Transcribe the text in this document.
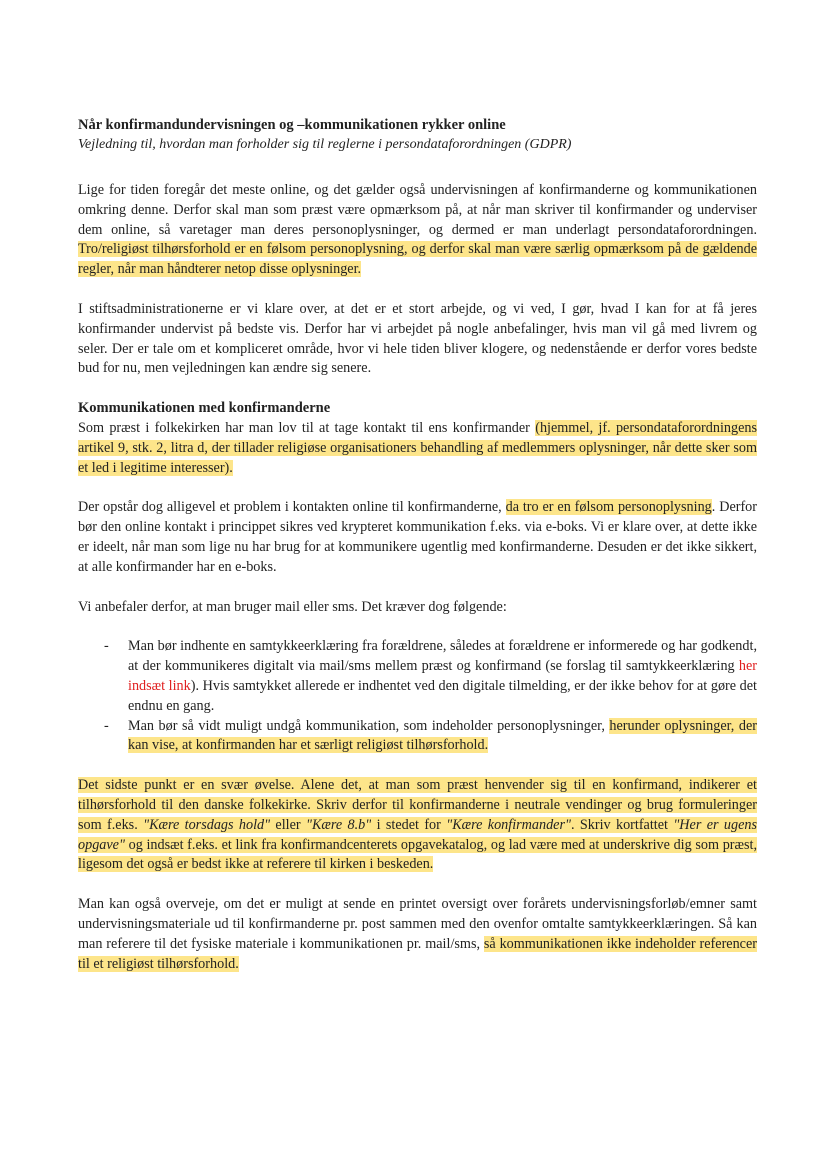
Når konfirmandundervisningen og –kommunikationen rykker online

Vejledning til, hvordan man forholder sig til reglerne i persondataforordningen (GDPR)

Lige for tiden foregår det meste online, og det gælder også undervisningen af konfirmanderne og kommunikationen omkring denne. Derfor skal man som præst være opmærksom på, at når man skriver til konfirmander og underviser dem online, så varetager man deres personoplysninger, og dermed er man underlagt persondataforordningen. Tro/religiøst tilhørsforhold er en følsom personoplysning, og derfor skal man være særlig opmærksom på de gældende regler, når man håndterer netop disse oplysninger.

I stiftsadministrationerne er vi klare over, at det er et stort arbejde, og vi ved, I gør, hvad I kan for at få jeres konfirmander undervist på bedste vis. Derfor har vi arbejdet på nogle anbefalinger, hvis man vil gå med livrem og seler. Der er tale om et kompliceret område, hvor vi hele tiden bliver klogere, og nedenstående er derfor vores bedste bud for nu, men vejledningen kan ændre sig senere.

Kommunikationen med konfirmanderne

Som præst i folkekirken har man lov til at tage kontakt til ens konfirmander (hjemmel, jf. persondataforordningens artikel 9, stk. 2, litra d, der tillader religiøse organisationers behandling af medlemmers oplysninger, når dette sker som et led i legitime interesser).

Der opstår dog alligevel et problem i kontakten online til konfirmanderne, da tro er en følsom personoplysning. Derfor bør den online kontakt i princippet sikres ved krypteret kommunikation f.eks. via e-boks. Vi er klare over, at dette ikke er ideelt, når man som lige nu har brug for at kommunikere ugentlig med konfirmanderne. Desuden er det ikke sikkert, at alle konfirmander har en e-boks.

Vi anbefaler derfor, at man bruger mail eller sms. Det kræver dog følgende:

- Man bør indhente en samtykkeerklæring fra forældrene, således at forældrene er informerede og har godkendt, at der kommunikeres digitalt via mail/sms mellem præst og konfirmand (se forslag til samtykkeerklæring her indsæt link). Hvis samtykket allerede er indhentet ved den digitale tilmelding, er der ikke behov for at gøre det endnu en gang.
- Man bør så vidt muligt undgå kommunikation, som indeholder personoplysninger, herunder oplysninger, der kan vise, at konfirmanden har et særligt religiøst tilhørsforhold.

Det sidste punkt er en svær øvelse. Alene det, at man som præst henvender sig til en konfirmand, indikerer et tilhørsforhold til den danske folkekirke. Skriv derfor til konfirmanderne i neutrale vendinger og brug formuleringer som f.eks. "Kære torsdags hold" eller "Kære 8.b" i stedet for "Kære konfirmander". Skriv kortfattet "Her er ugens opgave" og indsæt f.eks. et link fra konfirmandcenterets opgavekatalog, og lad være med at underskrive dig som præst, ligesom det også er bedst ikke at referere til kirken i beskeden.

Man kan også overveje, om det er muligt at sende en printet oversigt over forårets undervisningsforløb/emner samt undervisningsmateriale ud til konfirmanderne pr. post sammen med den ovenfor omtalte samtykkeerklæringen. Så kan man referere til det fysiske materiale i kommunikationen pr. mail/sms, så kommunikationen ikke indeholder referencer til et religiøst tilhørsforhold.
